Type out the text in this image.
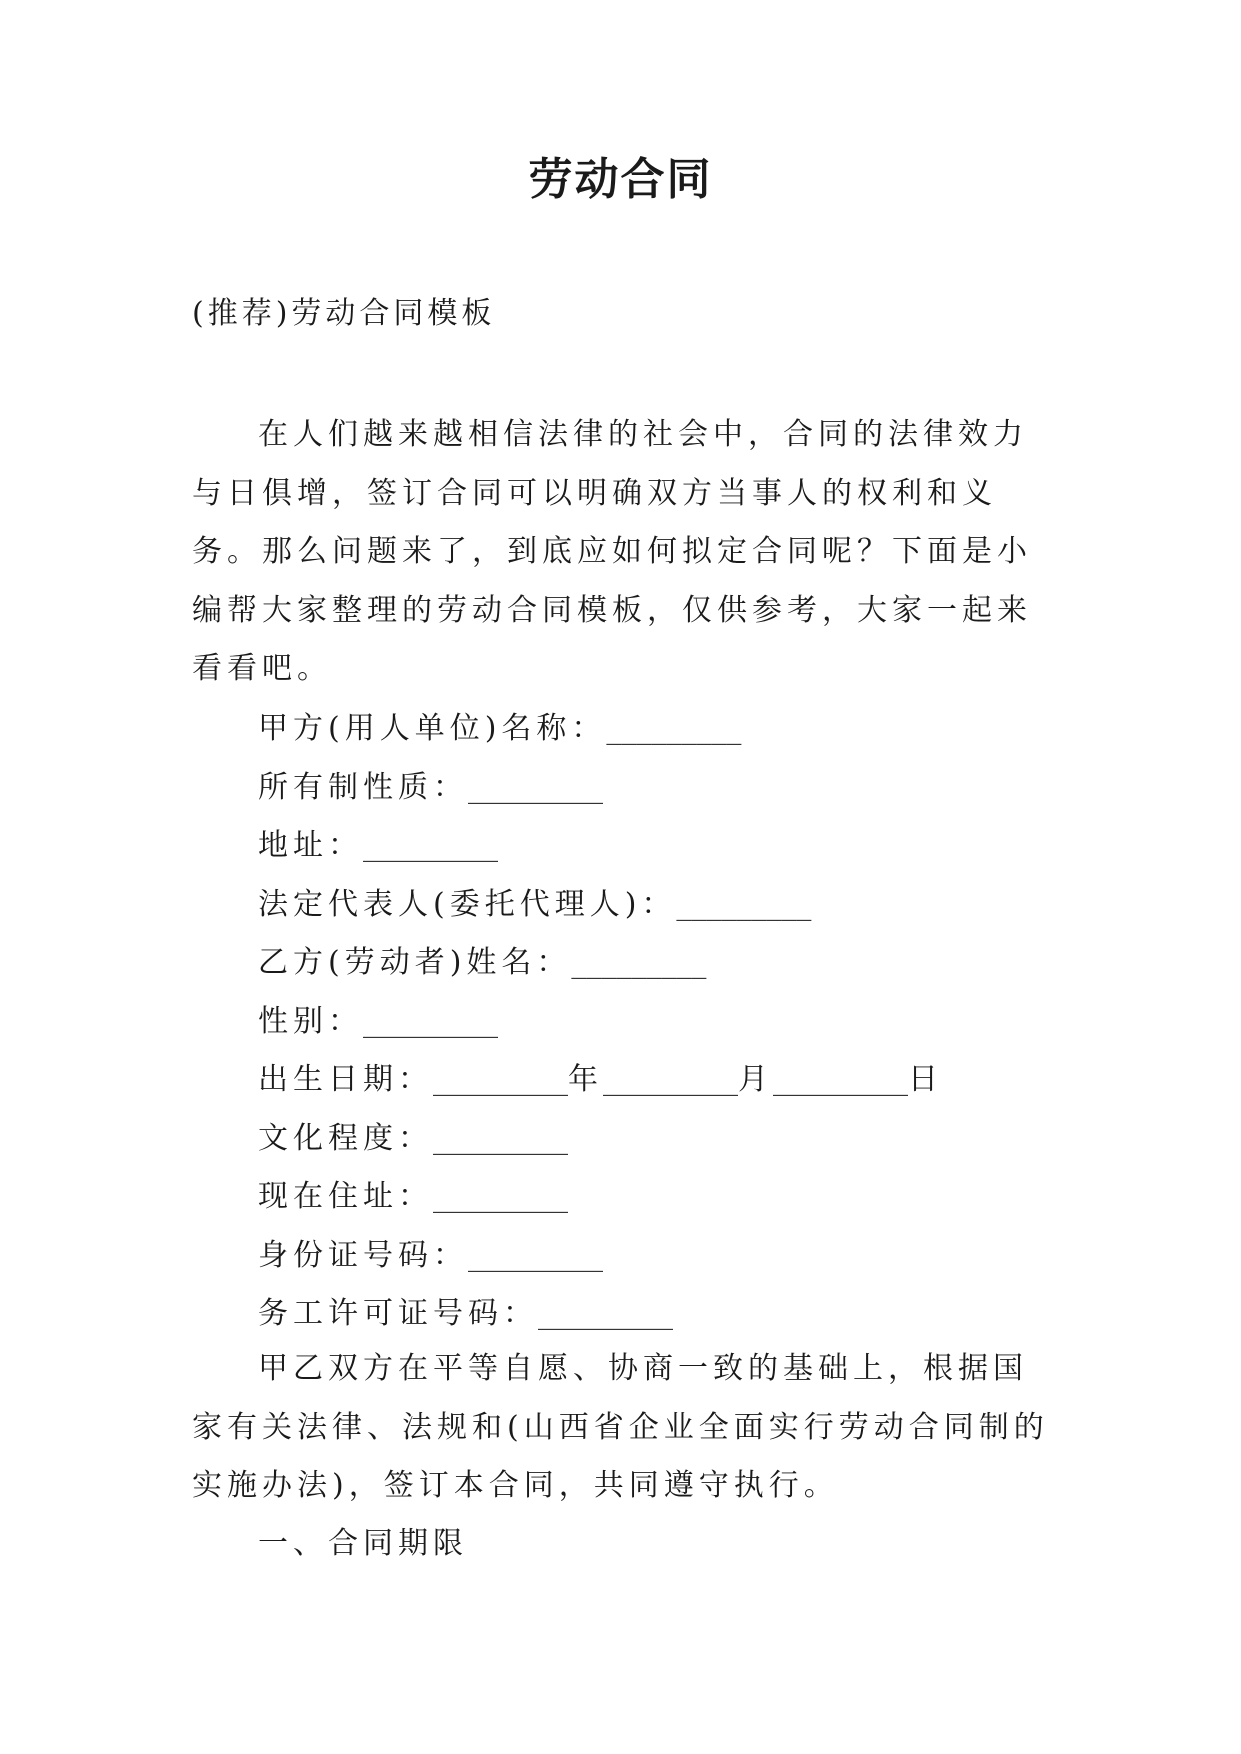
劳动合同
(推荐)劳动合同模板

在人们越来越相信法律的社会中，合同的法律效力与日俱增，签订合同可以明确双方当事人的权利和义务。那么问题来了，到底应如何拟定合同呢？下面是小编帮大家整理的劳动合同模板，仅供参考，大家一起来看看吧。

甲方(用人单位)名称：_________
所有制性质：_________
地址：_________
法定代表人(委托代理人)：_________
乙方(劳动者)姓名：_________
性别：_________
出生日期：_________年_________月_________日
文化程度：_________
现在住址：_________
身份证号码：_________
务工许可证号码：_________

甲乙双方在平等自愿、协商一致的基础上，根据国家有关法律、法规和(山西省企业全面实行劳动合同制的实施办法)，签订本合同，共同遵守执行。

一、合同期限
